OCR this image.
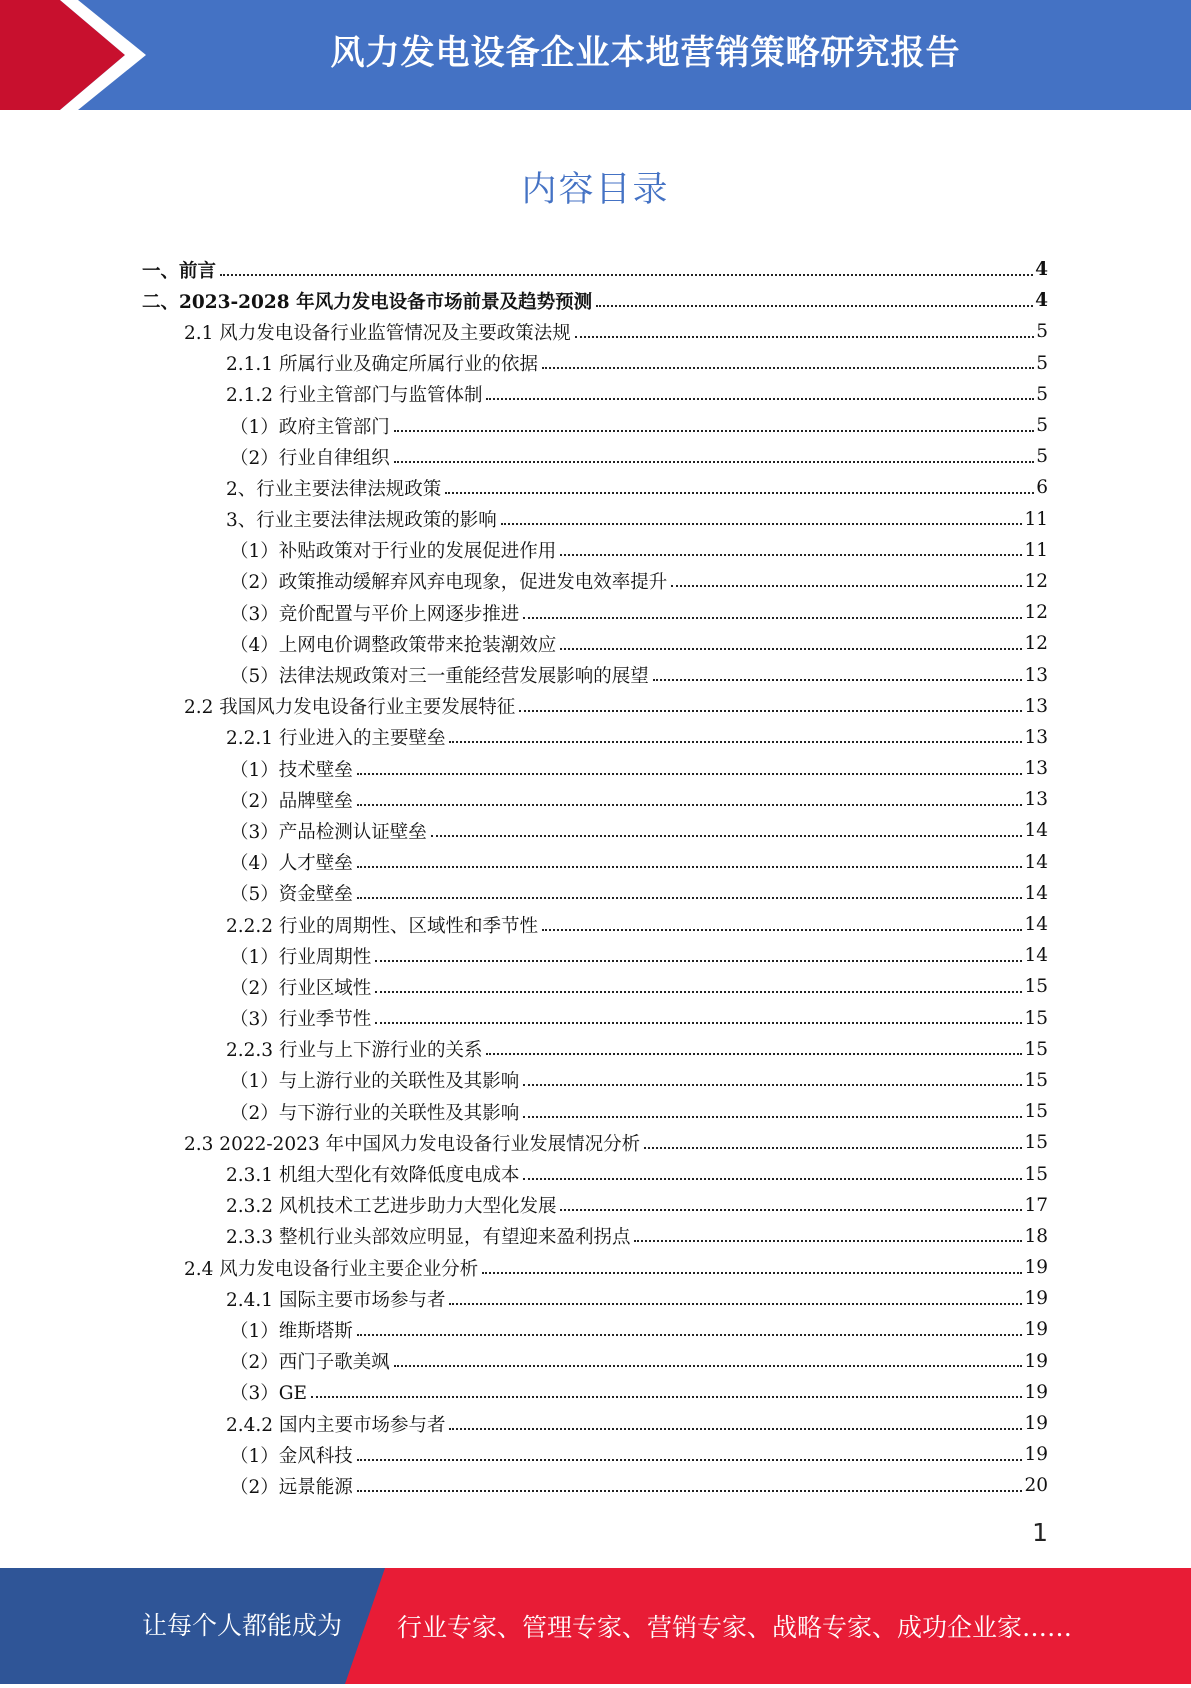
风力发电设备企业本地营销策略研究报告
内容目录
一、前言	4
二、2023-2028 年风力发电设备市场前景及趋势预测	4
2.1 风力发电设备行业监管情况及主要政策法规	5
2.1.1 所属行业及确定所属行业的依据	5
2.1.2 行业主管部门与监管体制	5
（1）政府主管部门	5
（2）行业自律组织	5
2、行业主要法律法规政策	6
3、行业主要法律法规政策的影响	11
（1）补贴政策对于行业的发展促进作用	11
（2）政策推动缓解弃风弃电现象，促进发电效率提升	12
（3）竞价配置与平价上网逐步推进	12
（4）上网电价调整政策带来抢装潮效应	12
（5）法律法规政策对三一重能经营发展影响的展望	13
2.2 我国风力发电设备行业主要发展特征	13
2.2.1 行业进入的主要壁垒	13
（1）技术壁垒	13
（2）品牌壁垒	13
（3）产品检测认证壁垒	14
（4）人才壁垒	14
（5）资金壁垒	14
2.2.2 行业的周期性、区域性和季节性	14
（1）行业周期性	14
（2）行业区域性	15
（3）行业季节性	15
2.2.3 行业与上下游行业的关系	15
（1）与上游行业的关联性及其影响	15
（2）与下游行业的关联性及其影响	15
2.3 2022-2023 年中国风力发电设备行业发展情况分析	15
2.3.1 机组大型化有效降低度电成本	15
2.3.2 风机技术工艺进步助力大型化发展	17
2.3.3 整机行业头部效应明显，有望迎来盈利拐点	18
2.4 风力发电设备行业主要企业分析	19
2.4.1 国际主要市场参与者	19
（1）维斯塔斯	19
（2）西门子歌美飒	19
（3）GE	19
2.4.2 国内主要市场参与者	19
（1）金风科技	19
（2）远景能源	20
1
让每个人都能成为 行业专家、管理专家、营销专家、战略专家、成功企业家……
